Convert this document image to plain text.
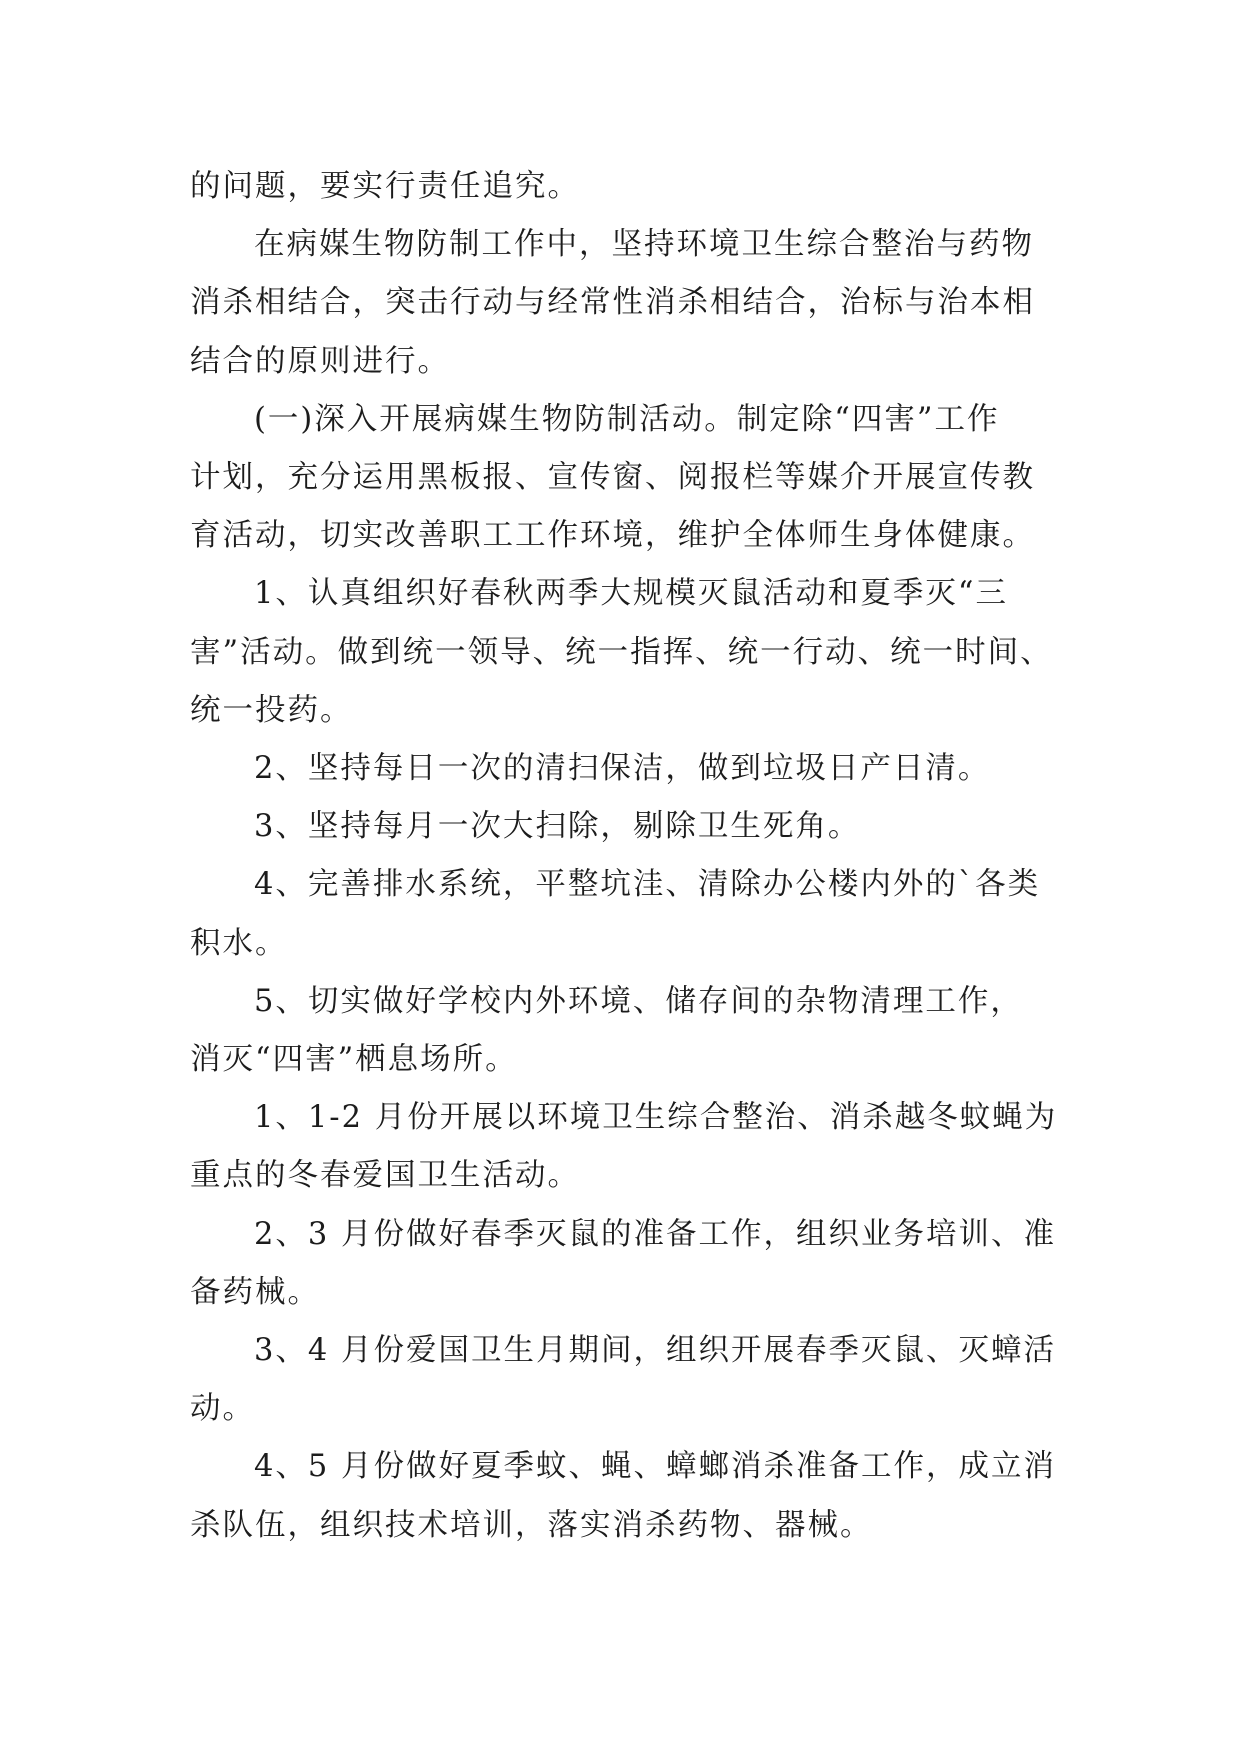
的问题，要实行责任追究。

在病媒生物防制工作中，坚持环境卫生综合整治与药物

消杀相结合，突击行动与经常性消杀相结合，治标与治本相

结合的原则进行。

(一)深入开展病媒生物防制活动。制定除“四害”工作

计划，充分运用黑板报、宣传窗、阅报栏等媒介开展宣传教

育活动，切实改善职工工作环境，维护全体师生身体健康。

1、认真组织好春秋两季大规模灭鼠活动和夏季灭“三

害”活动。做到统一领导、统一指挥、统一行动、统一时间、

统一投药。

2、坚持每日一次的清扫保洁，做到垃圾日产日清。

3、坚持每月一次大扫除，剔除卫生死角。

4、完善排水系统，平整坑洼、清除办公楼内外的`各类

积水。

5、切实做好学校内外环境、储存间的杂物清理工作，

消灭“四害”栖息场所。

1、1-2 月份开展以环境卫生综合整治、消杀越冬蚊蝇为

重点的冬春爱国卫生活动。

2、3 月份做好春季灭鼠的准备工作，组织业务培训、准

备药械。

3、4 月份爱国卫生月期间，组织开展春季灭鼠、灭蟑活

动。

4、5 月份做好夏季蚊、蝇、蟑螂消杀准备工作，成立消

杀队伍，组织技术培训，落实消杀药物、器械。
